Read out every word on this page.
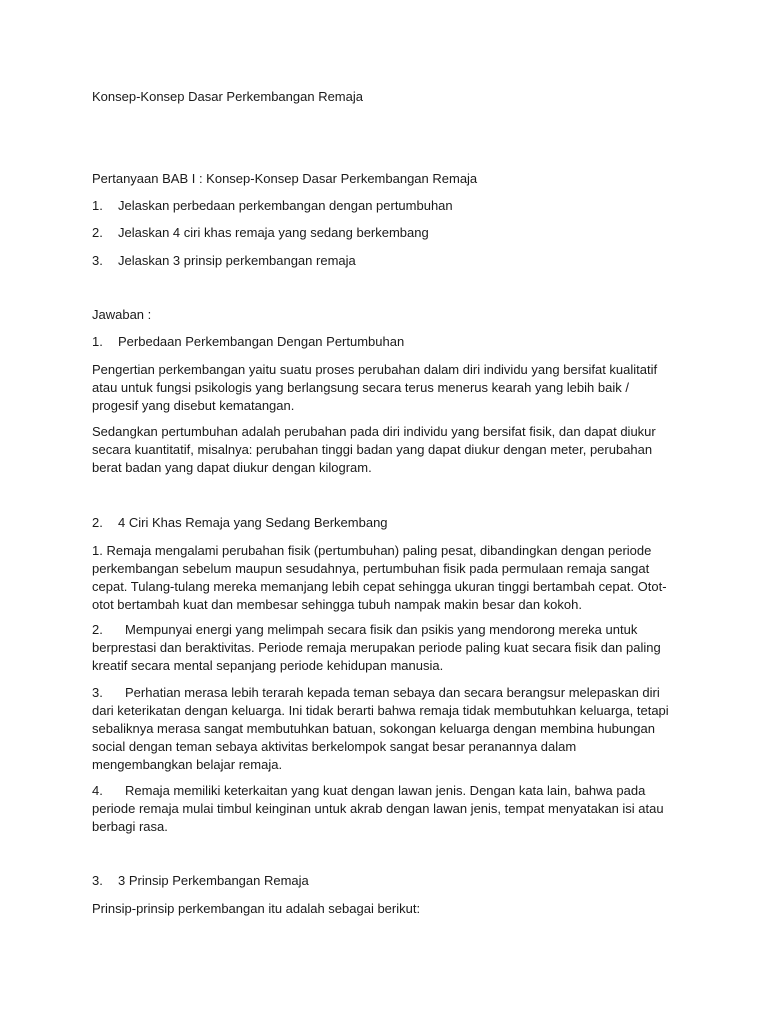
Konsep-Konsep Dasar Perkembangan Remaja

Pertanyaan BAB I : Konsep-Konsep Dasar Perkembangan Remaja

1. Jelaskan perbedaan perkembangan dengan pertumbuhan

2. Jelaskan 4 ciri khas remaja yang sedang berkembang

3. Jelaskan 3 prinsip perkembangan remaja

Jawaban :

1. Perbedaan Perkembangan Dengan Pertumbuhan

Pengertian perkembangan yaitu suatu proses perubahan dalam diri individu yang bersifat kualitatif atau untuk fungsi psikologis yang berlangsung secara terus menerus kearah yang lebih baik / progesif yang disebut kematangan.

Sedangkan pertumbuhan adalah perubahan pada diri individu yang bersifat fisik, dan dapat diukur secara kuantitatif, misalnya: perubahan tinggi badan yang dapat diukur dengan meter, perubahan berat badan yang dapat diukur dengan kilogram.

2. 4 Ciri Khas Remaja yang Sedang Berkembang

1. Remaja mengalami perubahan fisik (pertumbuhan) paling pesat, dibandingkan dengan periode perkembangan sebelum maupun sesudahnya, pertumbuhan fisik pada permulaan remaja sangat cepat. Tulang-tulang mereka memanjang lebih cepat sehingga ukuran tinggi bertambah cepat. Otot-otot bertambah kuat dan membesar sehingga tubuh nampak makin besar dan kokoh.

2. Mempunyai energi yang melimpah secara fisik dan psikis yang mendorong mereka untuk berprestasi dan beraktivitas. Periode remaja merupakan periode paling kuat secara fisik dan paling kreatif secara mental sepanjang periode kehidupan manusia.

3. Perhatian merasa lebih terarah kepada teman sebaya dan secara berangsur melepaskan diri dari keterikatan dengan keluarga. Ini tidak berarti bahwa remaja tidak membutuhkan keluarga, tetapi sebaliknya merasa sangat membutuhkan batuan, sokongan keluarga dengan membina hubungan social dengan teman sebaya aktivitas berkelompok sangat besar peranannya dalam mengembangkan belajar remaja.

4. Remaja memiliki keterkaitan yang kuat dengan lawan jenis. Dengan kata lain, bahwa pada periode remaja mulai timbul keinginan untuk akrab dengan lawan jenis, tempat menyatakan isi atau berbagi rasa.

3. 3 Prinsip Perkembangan Remaja

Prinsip-prinsip perkembangan itu adalah sebagai berikut:
